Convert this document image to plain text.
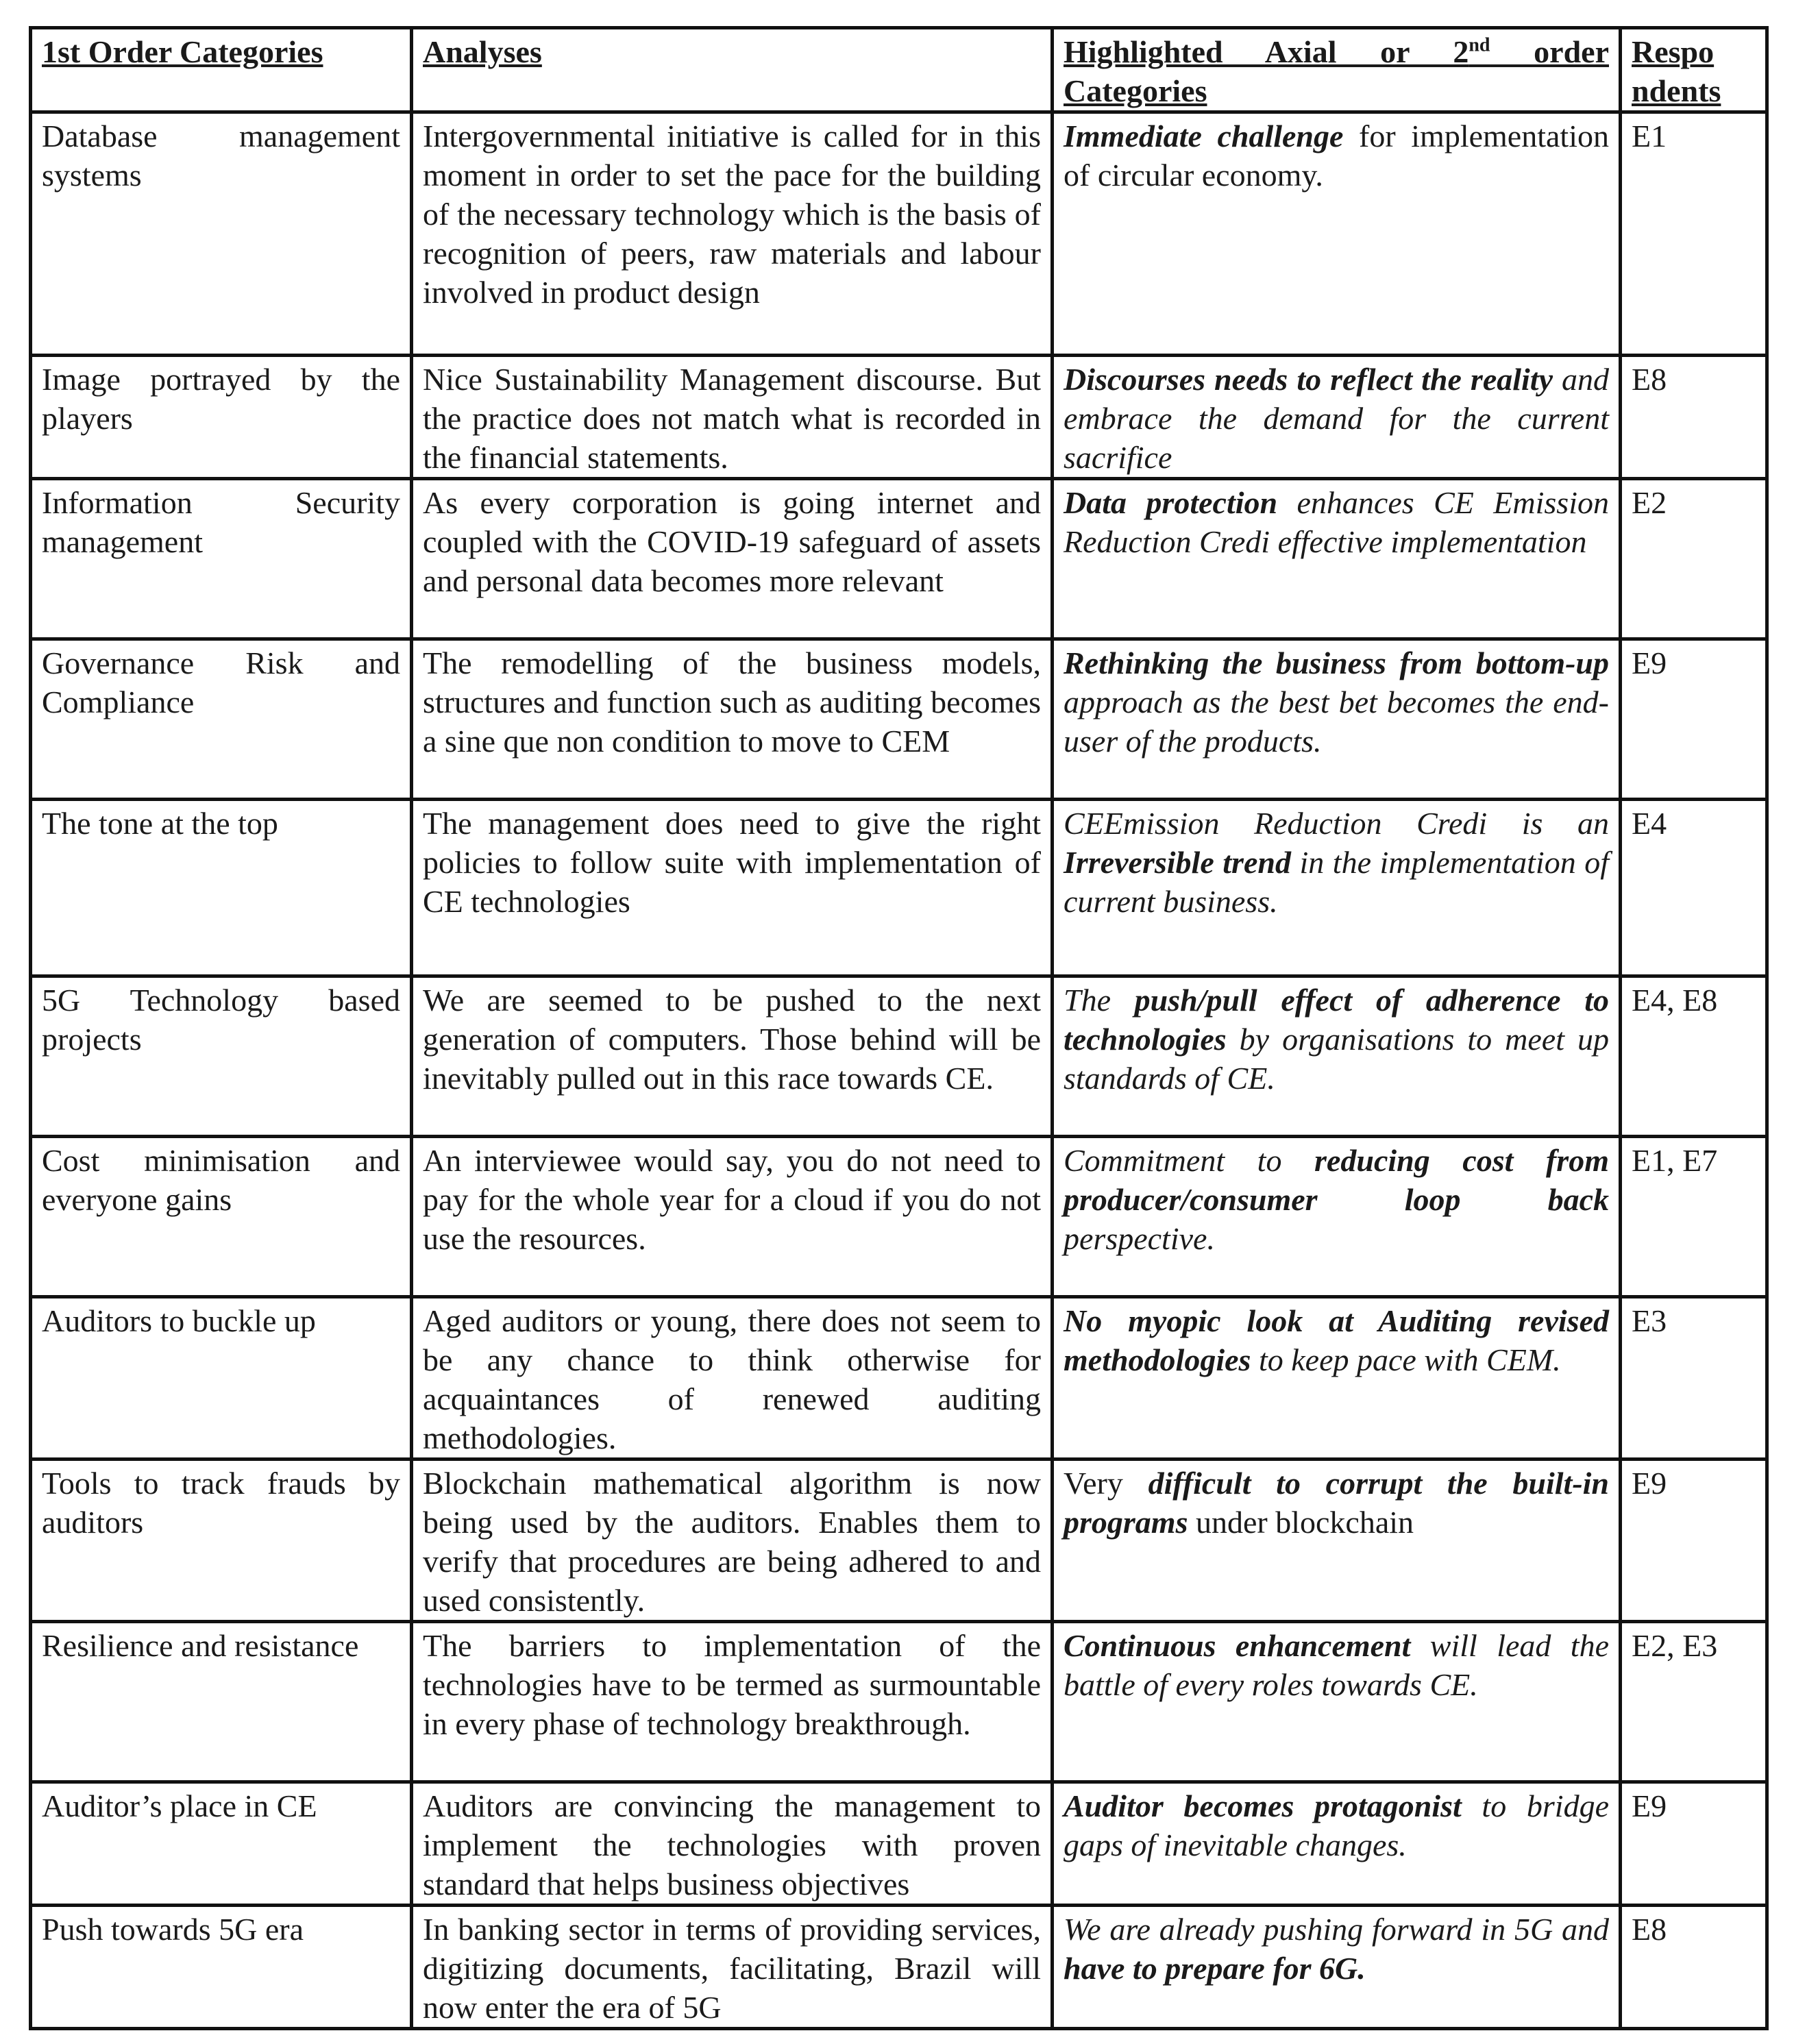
1st Order Categories	Analyses	Highlighted Axial or 2nd order Categories	Respo ndents
Database management systems	Intergovernmental initiative is called for in this moment in order to set the pace for the building of the necessary technology which is the basis of recognition of peers, raw materials and labour involved in product design	Immediate challenge for implementation of circular economy.	E1
Image portrayed by the players	Nice Sustainability Management discourse. But the practice does not match what is recorded in the financial statements.	Discourses needs to reflect the reality and embrace the demand for the current sacrifice	E8
Information Security management	As every corporation is going internet and coupled with the COVID-19 safeguard of assets and personal data becomes more relevant	Data protection enhances CE Emission Reduction Credi effective implementation	E2
Governance Risk and Compliance	The remodelling of the business models, structures and function such as auditing becomes a sine que non condition to move to CEM	Rethinking the business from bottom-up approach as the best bet becomes the end-user of the products.	E9
The tone at the top	The management does need to give the right policies to follow suite with implementation of CE technologies	CEEmission Reduction Credi is an Irreversible trend in the implementation of current business.	E4
5G Technology based projects	We are seemed to be pushed to the next generation of computers. Those behind will be inevitably pulled out in this race towards CE.	The push/pull effect of adherence to technologies by organisations to meet up standards of CE.	E4, E8
Cost minimisation and everyone gains	An interviewee would say, you do not need to pay for the whole year for a cloud if you do not use the resources.	Commitment to reducing cost from producer/consumer loop back perspective.	E1, E7
Auditors to buckle up	Aged auditors or young, there does not seem to be any chance to think otherwise for acquaintances of renewed auditing methodologies.	No myopic look at Auditing revised methodologies to keep pace with CEM.	E3
Tools to track frauds by auditors	Blockchain mathematical algorithm is now being used by the auditors. Enables them to verify that procedures are being adhered to and used consistently.	Very difficult to corrupt the built-in programs under blockchain	E9
Resilience and resistance	The barriers to implementation of the technologies have to be termed as surmountable in every phase of technology breakthrough.	Continuous enhancement will lead the battle of every roles towards CE.	E2, E3
Auditor’s place in CE	Auditors are convincing the management to implement the technologies with proven standard that helps business objectives	Auditor becomes protagonist to bridge gaps of inevitable changes.	E9
Push towards 5G era	In banking sector in terms of providing services, digitizing documents, facilitating, Brazil will now enter the era of 5G	We are already pushing forward in 5G and have to prepare for 6G.	E8
